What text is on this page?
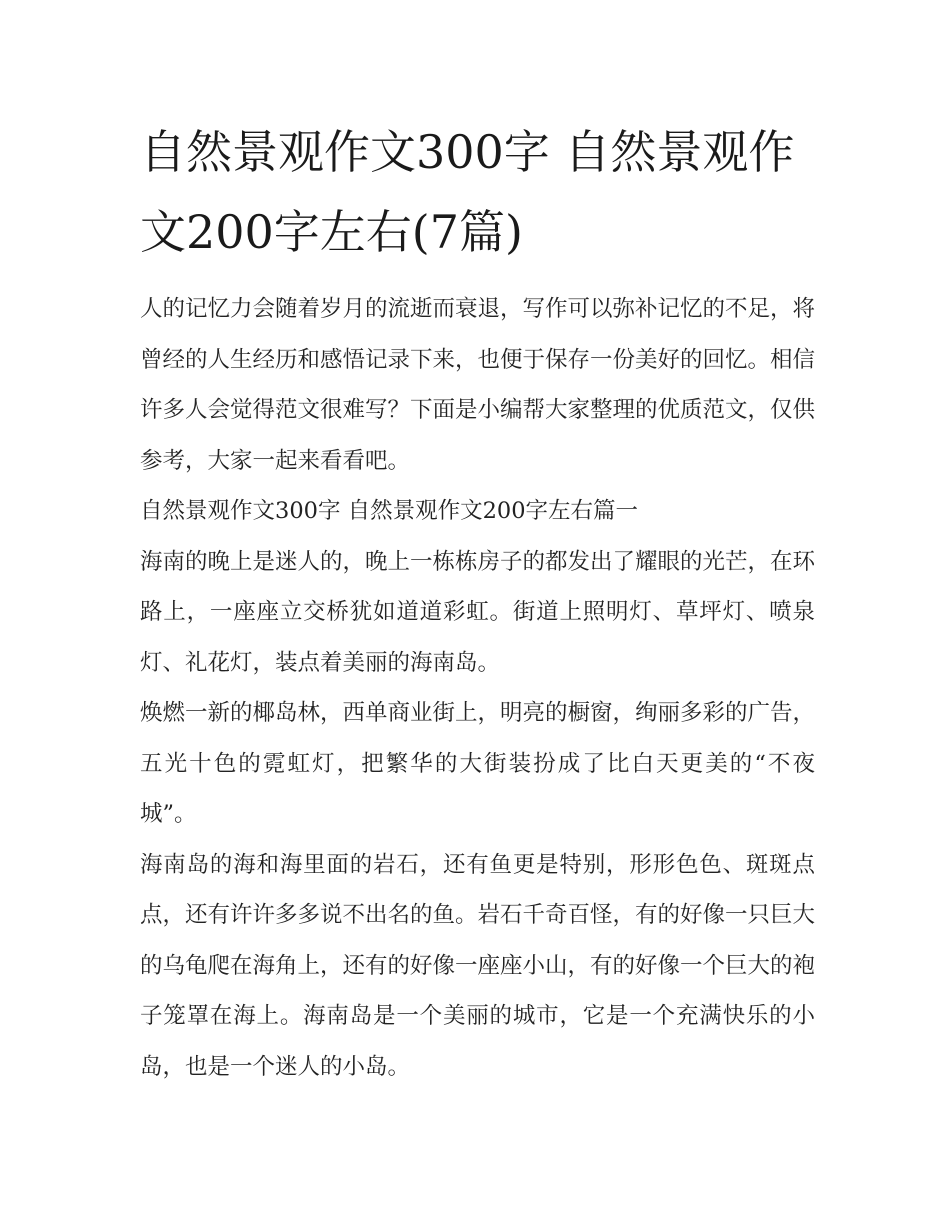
自然景观作文300字 自然景观作文200字左右(7篇)

人的记忆力会随着岁月的流逝而衰退，写作可以弥补记忆的不足，将曾经的人生经历和感悟记录下来，也便于保存一份美好的回忆。相信许多人会觉得范文很难写？下面是小编帮大家整理的优质范文，仅供参考，大家一起来看看吧。

自然景观作文300字 自然景观作文200字左右篇一

海南的晚上是迷人的，晚上一栋栋房子的都发出了耀眼的光芒，在环路上，一座座立交桥犹如道道彩虹。街道上照明灯、草坪灯、喷泉灯、礼花灯，装点着美丽的海南岛。

焕燃一新的椰岛林，西单商业街上，明亮的橱窗，绚丽多彩的广告，五光十色的霓虹灯，把繁华的大街装扮成了比白天更美的“不夜城”。

海南岛的海和海里面的岩石，还有鱼更是特别，形形色色、斑斑点点，还有许许多多说不出名的鱼。岩石千奇百怪，有的好像一只巨大的乌龟爬在海角上，还有的好像一座座小山，有的好像一个巨大的袍子笼罩在海上。海南岛是一个美丽的城市，它是一个充满快乐的小岛，也是一个迷人的小岛。
